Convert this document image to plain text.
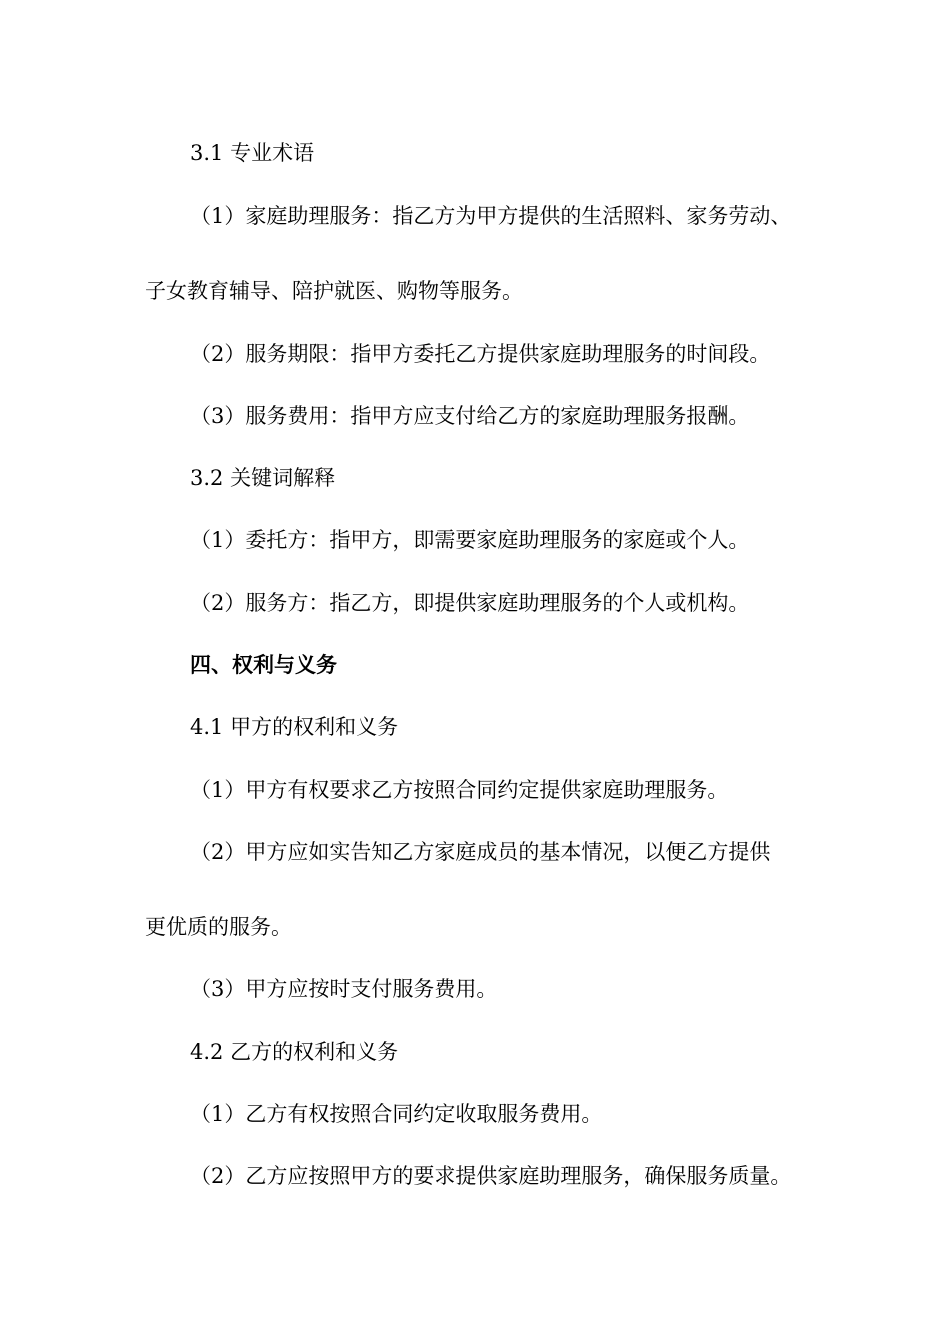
3.1 专业术语
（1）家庭助理服务：指乙方为甲方提供的生活照料、家务劳动、
子女教育辅导、陪护就医、购物等服务。
（2）服务期限：指甲方委托乙方提供家庭助理服务的时间段。
（3）服务费用：指甲方应支付给乙方的家庭助理服务报酬。
3.2 关键词解释
（1）委托方：指甲方，即需要家庭助理服务的家庭或个人。
（2）服务方：指乙方，即提供家庭助理服务的个人或机构。
四、权利与义务
4.1 甲方的权利和义务
（1）甲方有权要求乙方按照合同约定提供家庭助理服务。
（2）甲方应如实告知乙方家庭成员的基本情况，以便乙方提供
更优质的服务。
（3）甲方应按时支付服务费用。
4.2 乙方的权利和义务
（1）乙方有权按照合同约定收取服务费用。
（2）乙方应按照甲方的要求提供家庭助理服务，确保服务质量。
